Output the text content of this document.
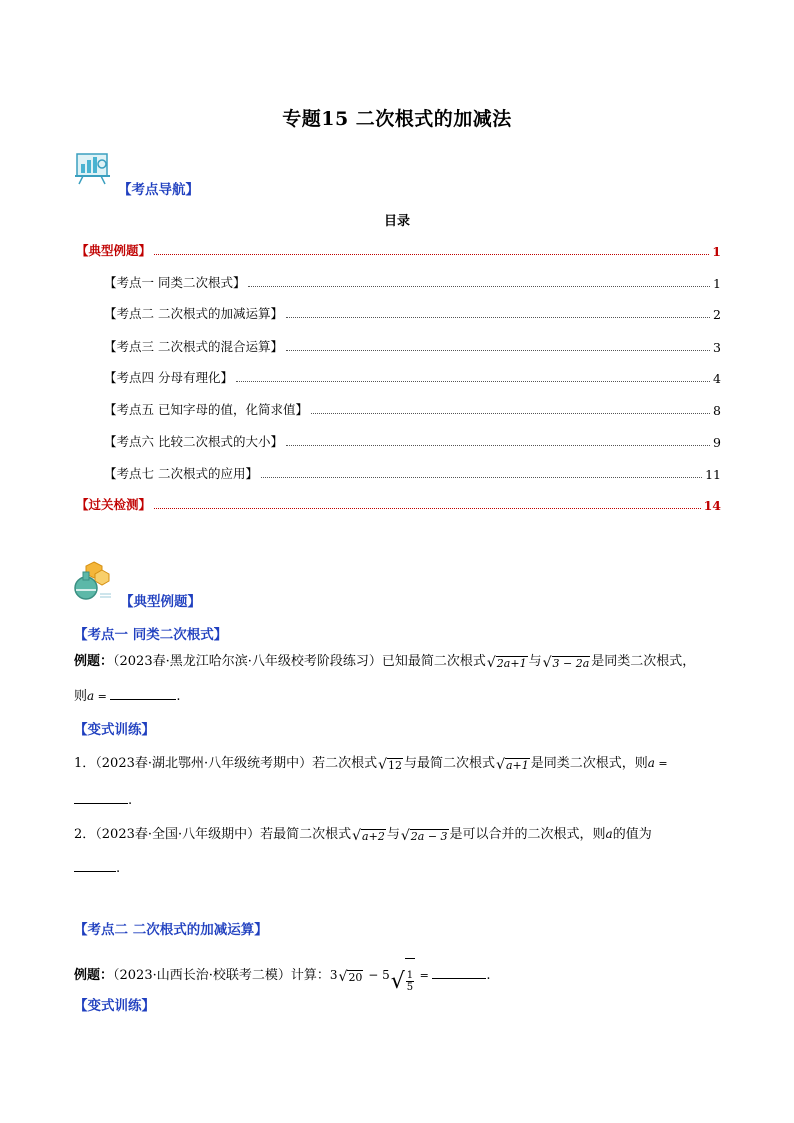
专题15 二次根式的加减法
【考点导航】
目录
【典型例题】	1
【考点一 同类二次根式】	1
【考点二 二次根式的加减运算】	2
【考点三 二次根式的混合运算】	3
【考点四 分母有理化】	4
【考点五 已知字母的值，化简求值】	8
【考点六 比较二次根式的大小】	9
【考点七 二次根式的应用】	11
【过关检测】	14
【典型例题】
【考点一 同类二次根式】
例题：（2023春·黑龙江哈尔滨·八年级校考阶段练习）已知最简二次根式 √ 2a+1 与 √ 3 − 2a 是同类二次根式，
则a =	.
【变式训练】
1．（2023春·湖北鄂州·八年级统考期中）若二次根式 √ 12 与最简二次根式 √ a+1 是同类二次根式，则a =
.
2．（2023春·全国·八年级期中）若最简二次根式 √ a+2 与 √ 2a − 3 是可以合并的二次根式，则a的值为
.
【考点二 二次根式的加减运算】
例题：（2023·山西长治·校联考二模）计算：3 √ 20 − 5 √ $\frac{1}{5}$ =	.
【变式训练】
